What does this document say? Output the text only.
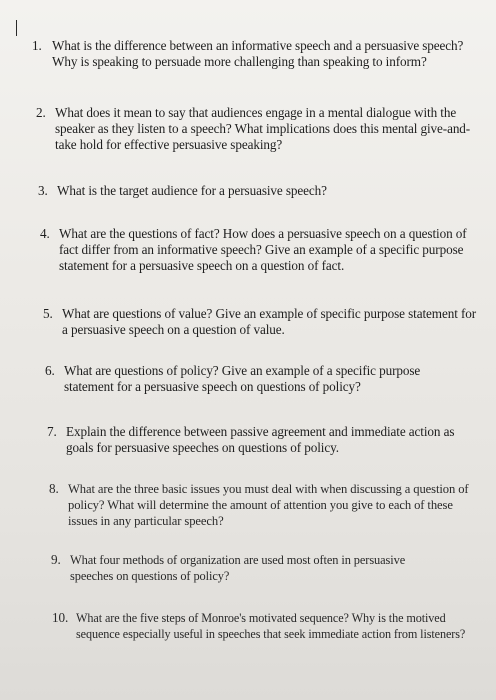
1. What is the difference between an informative speech and a persuasive speech? Why is speaking to persuade more challenging than speaking to inform?
2. What does it mean to say that audiences engage in a mental dialogue with the speaker as they listen to a speech? What implications does this mental give-and-take hold for effective persuasive speaking?
3. What is the target audience for a persuasive speech?
4. What are the questions of fact? How does a persuasive speech on a question of fact differ from an informative speech? Give an example of a specific purpose statement for a persuasive speech on a question of fact.
5. What are questions of value? Give an example of specific purpose statement for a persuasive speech on a question of value.
6. What are questions of policy? Give an example of a specific purpose statement for a persuasive speech on questions of policy?
7. Explain the difference between passive agreement and immediate action as goals for persuasive speeches on questions of policy.
8. What are the three basic issues you must deal with when discussing a question of policy? What will determine the amount of attention you give to each of these issues in any particular speech?
9. What four methods of organization are used most often in persuasive speeches on questions of policy?
10. What are the five steps of Monroe's motivated sequence? Why is the motived sequence especially useful in speeches that seek immediate action from listeners?
